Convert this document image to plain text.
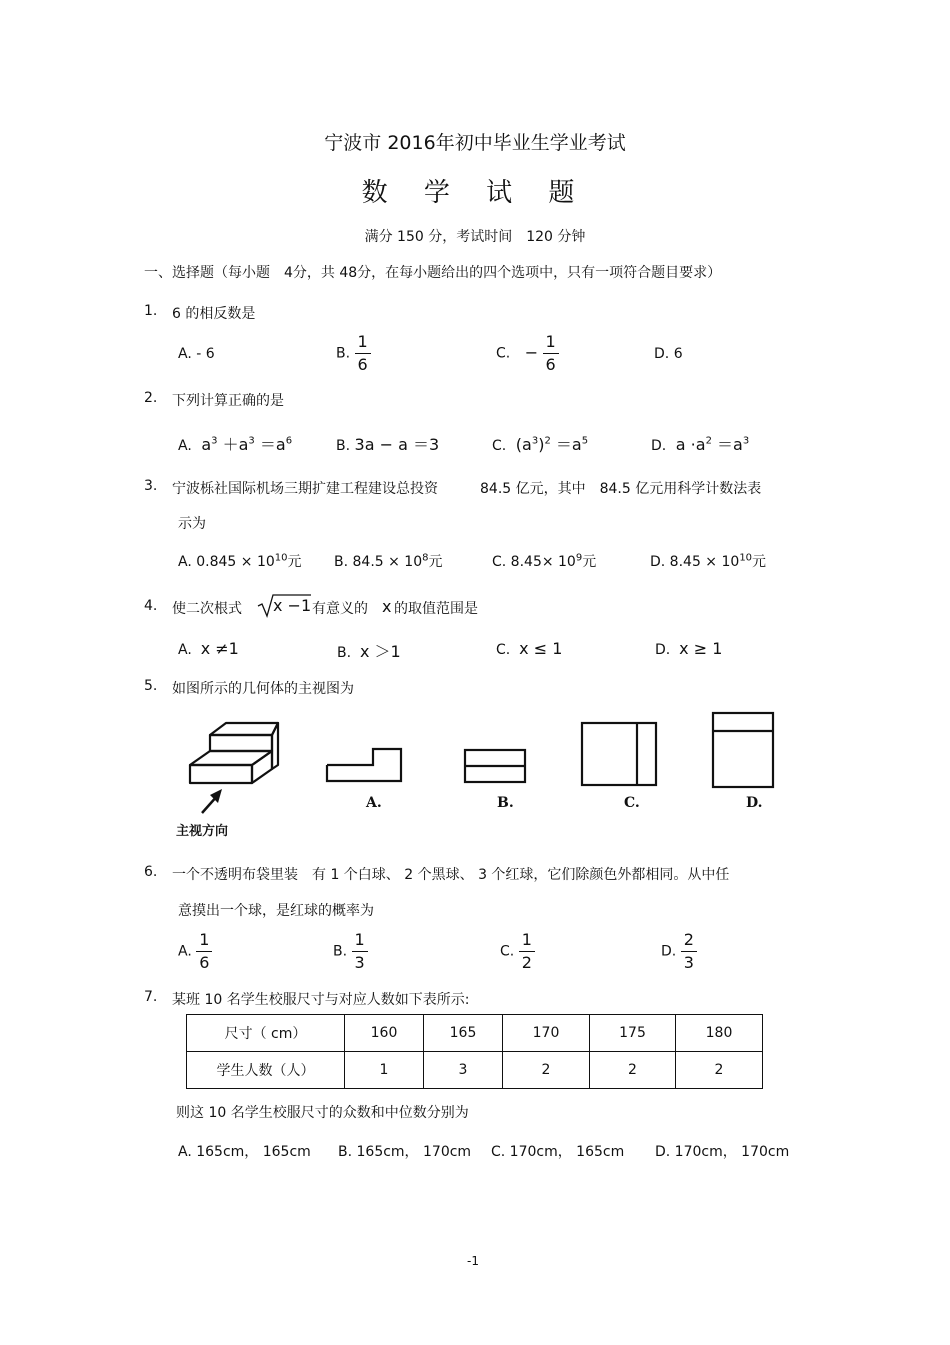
宁波市 2016年初中毕业生学业考试
数 学 试 题
满分 150 分，考试时间　120 分钟
一、选择题（每小题　4分，共 48分，在每小题给出的四个选项中，只有一项符合题目要求）
1. 6 的相反数是
A. - 6	B. $\frac{1}{6}$	C. − $\frac{1}{6}$	D. 6
2. 下列计算正确的是
A.  $a^3 +a^3 =a^6$	B. 3a − a ＝3	C.  $(a^3)^2 =a^5$	D.  $a \cdot a^2 =a^3$
3. 宁波栎社国际机场三期扩建工程建设总投资　　　84.5 亿元，其中　84.5 亿元用科学计数法表
示为
A. $0.845 \times 10^{10}$元 B. $84.5 \times 10^8$元	C. $8.45\times 10^9$元	D. $8.45 \times 10^{10}$元
4. 使二次根式 x −1 有意义的 x 的取值范围是
A. x ≠1	B. x ＞1	C. x ≤ 1	D. x ≥ 1
5. 如图所示的几何体的主视图为
主视方向
A.	B.	C.	D.
6. 一个不透明布袋里装　有 1 个白球、 2 个黑球、 3 个红球，它们除颜色外都相同。从中任
意摸出一个球，是红球的概率为
A. $\frac{1}{6}$	B. $\frac{1}{3}$	C. $\frac{1}{2}$	D. $\frac{2}{3}$
7. 某班 10 名学生校服尺寸与对应人数如下表所示:
尺寸（ cm）	160	165	170	175	180
学生人数（人）	1	3	2	2	2
则这 10 名学生校服尺寸的众数和中位数分别为
A. 165cm， 165cm B. 165cm， 170cm C. 170cm， 165cm D. 170cm， 170cm
-1
